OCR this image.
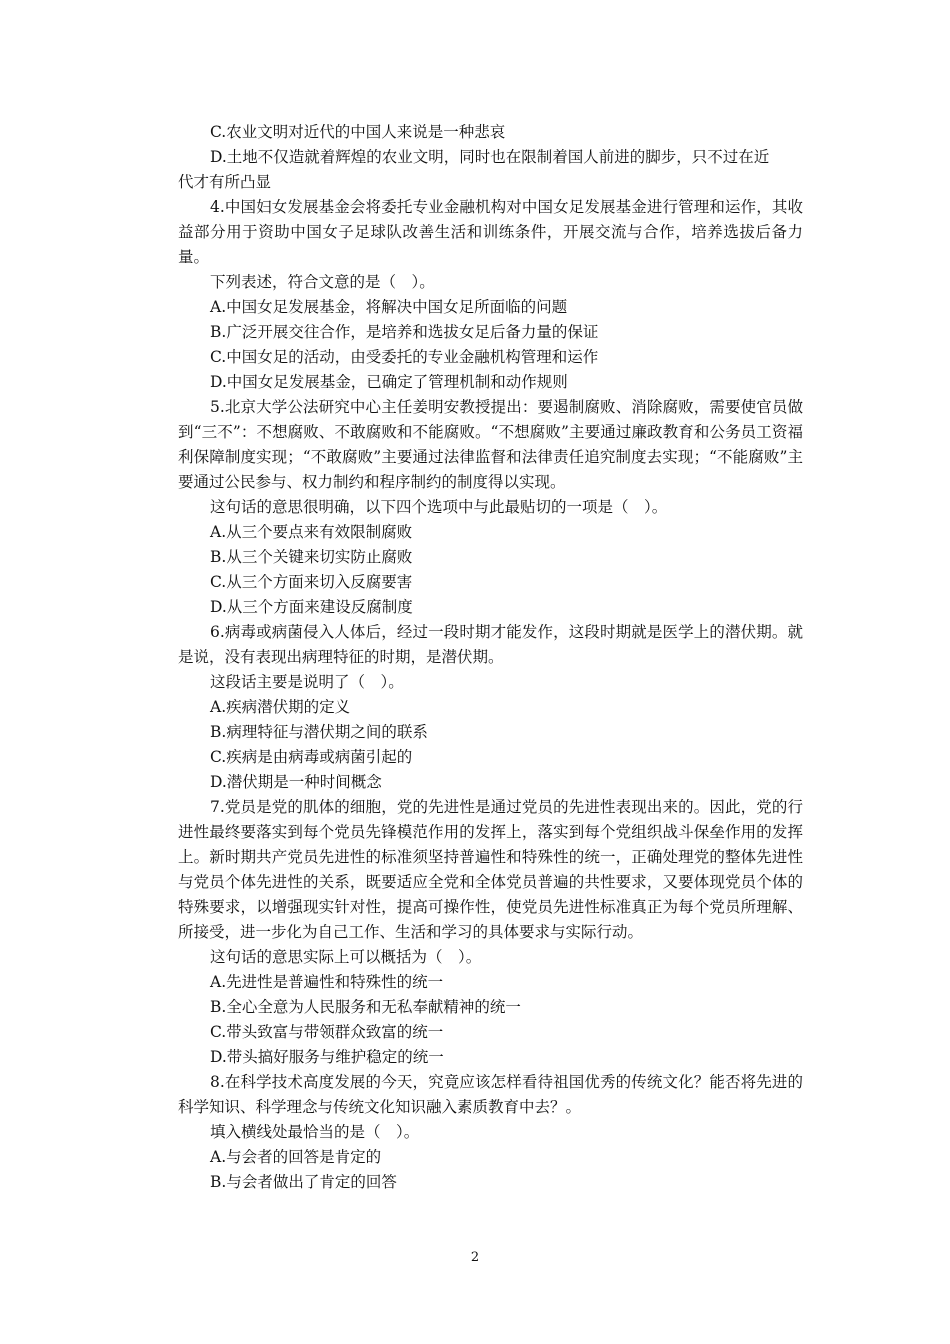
C.农业文明对近代的中国人来说是一种悲哀

D.土地不仅造就着辉煌的农业文明，同时也在限制着国人前进的脚步，只不过在近

代才有所凸显

4.中国妇女发展基金会将委托专业金融机构对中国女足发展基金进行管理和运作，其收益部分用于资助中国女子足球队改善生活和训练条件，开展交流与合作，培养选拔后备力量。

下列表述，符合文意的是（　）。

A.中国女足发展基金，将解决中国女足所面临的问题

B.广泛开展交往合作，是培养和选拔女足后备力量的保证

C.中国女足的活动，由受委托的专业金融机构管理和运作

D.中国女足发展基金，已确定了管理机制和动作规则

5.北京大学公法研究中心主任姜明安教授提出：要遏制腐败、消除腐败，需要使官员做到“三不”：不想腐败、不敢腐败和不能腐败。“不想腐败”主要通过廉政教育和公务员工资福利保障制度实现；“不敢腐败”主要通过法律监督和法律责任追究制度去实现；“不能腐败”主要通过公民参与、权力制约和程序制约的制度得以实现。

这句话的意思很明确，以下四个选项中与此最贴切的一项是（　）。

A.从三个要点来有效限制腐败

B.从三个关键来切实防止腐败

C.从三个方面来切入反腐要害

D.从三个方面来建设反腐制度

6.病毒或病菌侵入人体后，经过一段时期才能发作，这段时期就是医学上的潜伏期。就是说，没有表现出病理特征的时期，是潜伏期。

这段话主要是说明了（　）。

A.疾病潜伏期的定义

B.病理特征与潜伏期之间的联系

C.疾病是由病毒或病菌引起的

D.潜伏期是一种时间概念

7.党员是党的肌体的细胞，党的先进性是通过党员的先进性表现出来的。因此，党的行进性最终要落实到每个党员先锋模范作用的发挥上，落实到每个党组织战斗保垒作用的发挥上。新时期共产党员先进性的标准须坚持普遍性和特殊性的统一，正确处理党的整体先进性与党员个体先进性的关系，既要适应全党和全体党员普遍的共性要求，又要体现党员个体的特殊要求，以增强现实针对性，提高可操作性，使党员先进性标准真正为每个党员所理解、所接受，进一步化为自己工作、生活和学习的具体要求与实际行动。

这句话的意思实际上可以概括为（　）。

A.先进性是普遍性和特殊性的统一

B.全心全意为人民服务和无私奉献精神的统一

C.带头致富与带领群众致富的统一

D.带头搞好服务与维护稳定的统一

8.在科学技术高度发展的今天，究竟应该怎样看待祖国优秀的传统文化？能否将先进的科学知识、科学理念与传统文化知识融入素质教育中去？。

填入横线处最恰当的是（　）。

A.与会者的回答是肯定的

B.与会者做出了肯定的回答

2
